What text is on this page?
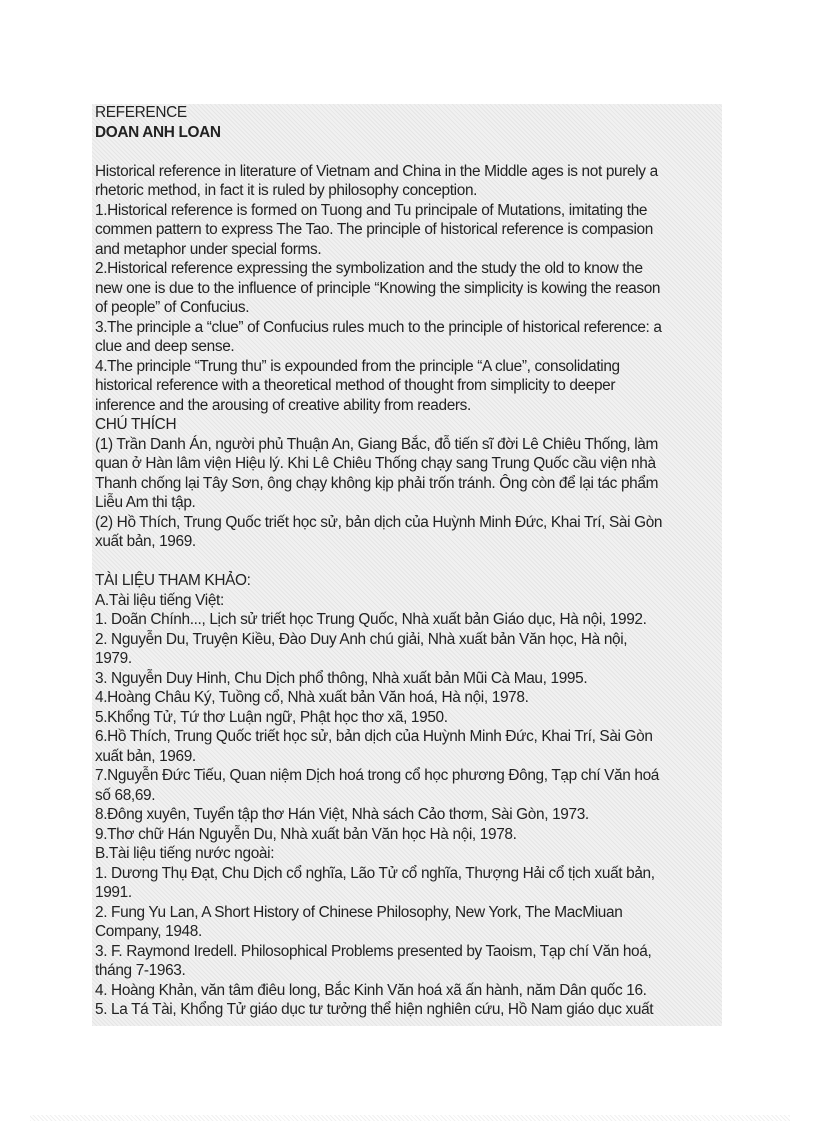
REFERENCE
DOAN ANH LOAN
Historical reference in literature of Vietnam and China in the Middle ages is not purely a
rhetoric method, in fact it is ruled by philosophy conception.
1.Historical reference is formed on Tuong and Tu principale of Mutations, imitating the
commen pattern to express The Tao. The principle of historical reference is compasion
and metaphor under special forms.
2.Historical reference expressing the symbolization and the study the old to know the
new one is due to the influence of principle “Knowing the simplicity is kowing the reason
of people” of Confucius.
3.The principle a “clue” of Confucius rules much to the principle of historical reference: a
clue and deep sense.
4.The principle “Trung thu” is expounded from the principle “A clue”, consolidating
historical reference with a theoretical method of thought from simplicity to deeper
inference and the arousing of creative ability from readers.
CHÚ THÍCH
(1) Trần Danh Án, người phủ Thuận An, Giang Bắc, đỗ tiến sĩ đời Lê Chiêu Thống, làm
quan ở Hàn lâm viện Hiệu lý. Khi Lê Chiêu Thống chạy sang Trung Quốc cầu viện nhà
Thanh chống lại Tây Sơn, ông chạy không kịp phải trốn tránh. Ông còn để lại tác phẩm
Liễu Am thi tập.
(2) Hồ Thích, Trung Quốc triết học sử, bản dịch của Huỳnh Minh Đức, Khai Trí, Sài Gòn
xuất bản, 1969.
TÀI LIỆU THAM KHẢO:
A.Tài liệu tiếng Việt:
1. Doãn Chính..., Lịch sử triết học Trung Quốc, Nhà xuất bản Giáo dục, Hà nội, 1992.
2. Nguyễn Du, Truyện Kiều, Đào Duy Anh chú giải, Nhà xuất bản Văn học, Hà nội,
1979.
3. Nguyễn Duy Hinh, Chu Dịch phổ thông, Nhà xuất bản Mũi Cà Mau, 1995.
4.Hoàng Châu Ký, Tuồng cổ, Nhà xuất bản Văn hoá, Hà nội, 1978.
5.Khổng Tử, Tứ thơ Luận ngữ, Phật học thơ xã, 1950.
6.Hồ Thích, Trung Quốc triết học sử, bản dịch của Huỳnh Minh Đức, Khai Trí, Sài Gòn
xuất bản, 1969.
7.Nguyễn Đức Tiếu, Quan niệm Dịch hoá trong cổ học phương Đông, Tạp chí Văn hoá
số 68,69.
8.Đông xuyên, Tuyển tập thơ Hán Việt, Nhà sách Cảo thơm, Sài Gòn, 1973.
9.Thơ chữ Hán Nguyễn Du, Nhà xuất bản Văn học Hà nội, 1978.
B.Tài liệu tiếng nước ngoài:
1. Dương Thụ Đạt, Chu Dịch cổ nghĩa, Lão Tử cổ nghĩa, Thượng Hải cổ tịch xuất bản,
1991.
2. Fung Yu Lan, A Short History of Chinese Philosophy, New York, The MacMiuan
Company, 1948.
3. F. Raymond Iredell. Philosophical Problems presented by Taoism, Tạp chí Văn hoá,
tháng 7-1963.
4. Hoàng Khản, văn tâm điêu long, Bắc Kinh Văn hoá xã ấn hành, năm Dân quốc 16.
5. La Tá Tài, Khổng Tử giáo dục tư tưởng thể hiện nghiên cứu, Hồ Nam giáo dục xuất
